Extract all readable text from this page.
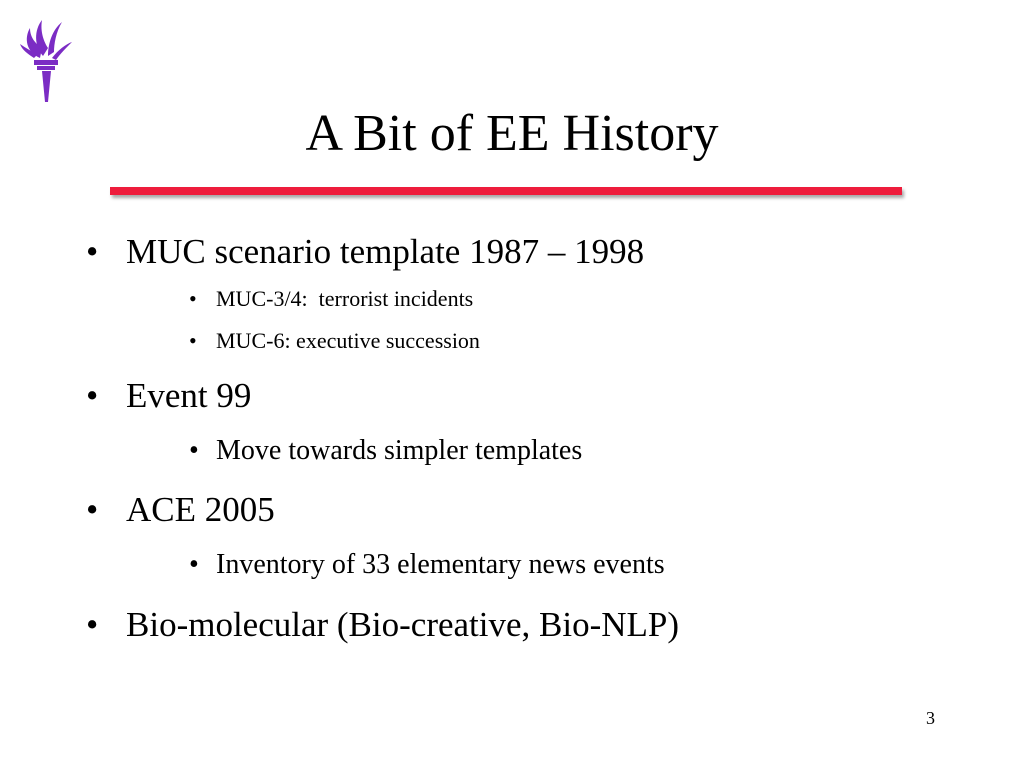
A Bit of EE History
• MUC scenario template 1987 – 1998
• MUC-3/4:  terrorist incidents
• MUC-6: executive succession
• Event 99
• Move towards simpler templates
• ACE 2005
• Inventory of 33 elementary news events
• Bio-molecular (Bio-creative, Bio-NLP)
3
